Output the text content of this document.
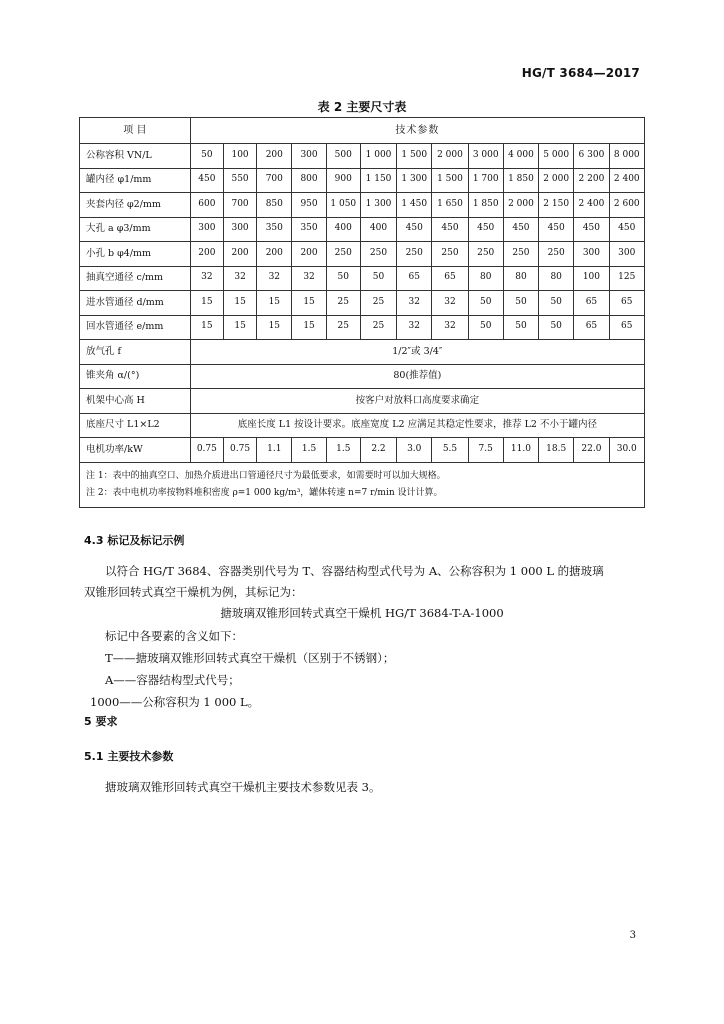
HG/T 3684—2017
表 2 主要尺寸表
项 目	技术参数												
公称容积 VN/L	50	100	200	300	500	1 000	1 500	2 000	3 000	4 000	5 000	6 300	8 000
罐内径 φ1/mm	450	550	700	800	900	1 150	1 300	1 500	1 700	1 850	2 000	2 200	2 400
夹套内径 φ2/mm	600	700	850	950	1 050	1 300	1 450	1 650	1 850	2 000	2 150	2 400	2 600
大孔 a φ3/mm	300	300	350	350	400	400	450	450	450	450	450	450	450
小孔 b φ4/mm	200	200	200	200	250	250	250	250	250	250	250	300	300
抽真空通径 c/mm	32	32	32	32	50	50	65	65	80	80	80	100	125
进水管通径 d/mm	15	15	15	15	25	25	32	32	50	50	50	65	65
回水管通径 e/mm	15	15	15	15	25	25	32	32	50	50	50	65	65
放气孔 f	1/2″或 3/4″												
锥夹角 α/(°)	80(推荐值)												
机架中心高 H	按客户对放料口高度要求确定												
底座尺寸 L1×L2	底座长度 L1 按设计要求。底座宽度 L2 应满足其稳定性要求，推荐 L2 不小于罐内径												
电机功率/kW	0.75	0.75	1.1	1.5	1.5	2.2	3.0	5.5	7.5	11.0	18.5	22.0	30.0

注 1：表中的抽真空口、加热介质进出口管通径尺寸为最低要求，如需要时可以加大规格。
注 2：表中电机功率按物料堆积密度 ρ=1 000 kg/m³，罐体转速 n=7 r/min 设计计算。													
4.3 标记及标记示例
以符合 HG/T 3684、容器类别代号为 T、容器结构型式代号为 A、公称容积为 1 000 L 的搪玻璃
双锥形回转式真空干燥机为例，其标记为：
搪玻璃双锥形回转式真空干燥机 HG/T 3684-T-A-1000
标记中各要素的含义如下：
T——搪玻璃双锥形回转式真空干燥机（区别于不锈钢）；
A——容器结构型式代号；
1000——公称容积为 1 000 L。
5 要求
5.1 主要技术参数
搪玻璃双锥形回转式真空干燥机主要技术参数见表 3。
3
